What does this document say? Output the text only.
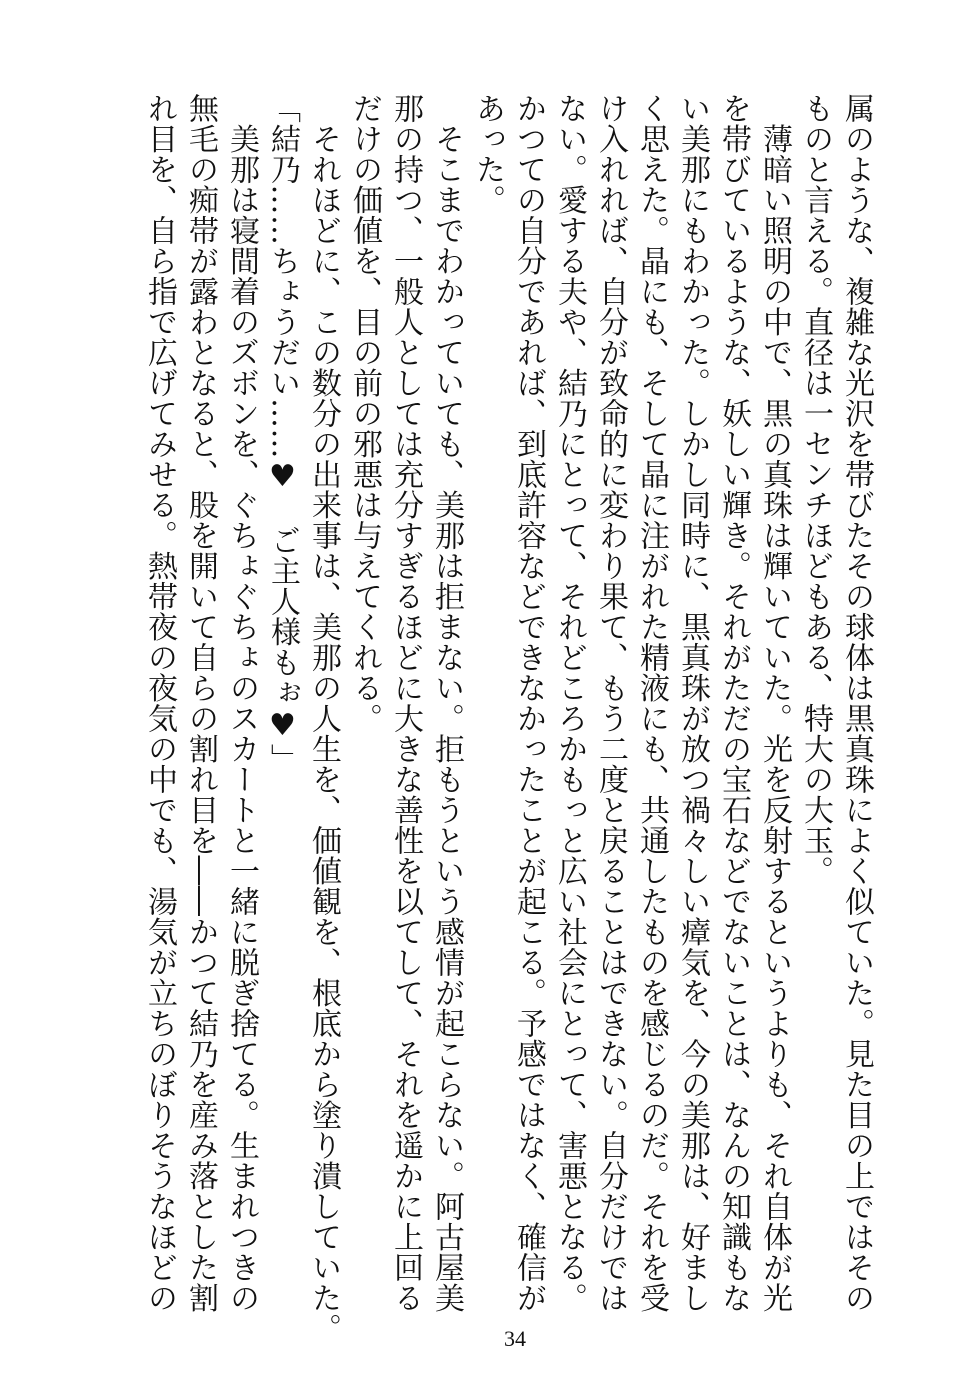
属のような、複雑な光沢を帯びたその球体は黒真珠によく似ていた。見た目の上ではその
ものと言える。直径は一センチほどもある、特大の大玉。
　薄暗い照明の中で、黒の真珠は輝いていた。光を反射するというよりも、それ自体が光
を帯びているような、妖しい輝き。それがただの宝石などでないことは、なんの知識もな
い美那にもわかった。しかし同時に、黒真珠が放つ禍々しい瘴気を、今の美那は、好まし
く思えた。晶にも、そして晶に注がれた精液にも、共通したものを感じるのだ。それを受
け入れれば、自分が致命的に変わり果て、もう二度と戻ることはできない。自分だけでは
ない。愛する夫や、結乃にとって、それどころかもっと広い社会にとって、害悪となる。
かつての自分であれば、到底許容などできなかったことが起こる。予感ではなく、確信が
あった。
　そこまでわかっていても、美那は拒まない。拒もうという感情が起こらない。阿古屋美
那の持つ、一般人としては充分すぎるほどに大きな善性を以てして、それを遥かに上回る
だけの価値を、目の前の邪悪は与えてくれる。
　それほどに、この数分の出来事は、美那の人生を、価値観を、根底から塗り潰していた。
「結乃……ちょうだい……♥　ご主人様もぉ♥」
　美那は寝間着のズボンを、ぐちょぐちょのスカートと一緒に脱ぎ捨てる。生まれつきの
無毛の痴帯が露わとなると、股を開いて自らの割れ目を――かつて結乃を産み落とした割
れ目を、自ら指で広げてみせる。熱帯夜の夜気の中でも、湯気が立ちのぼりそうなほどの
34
